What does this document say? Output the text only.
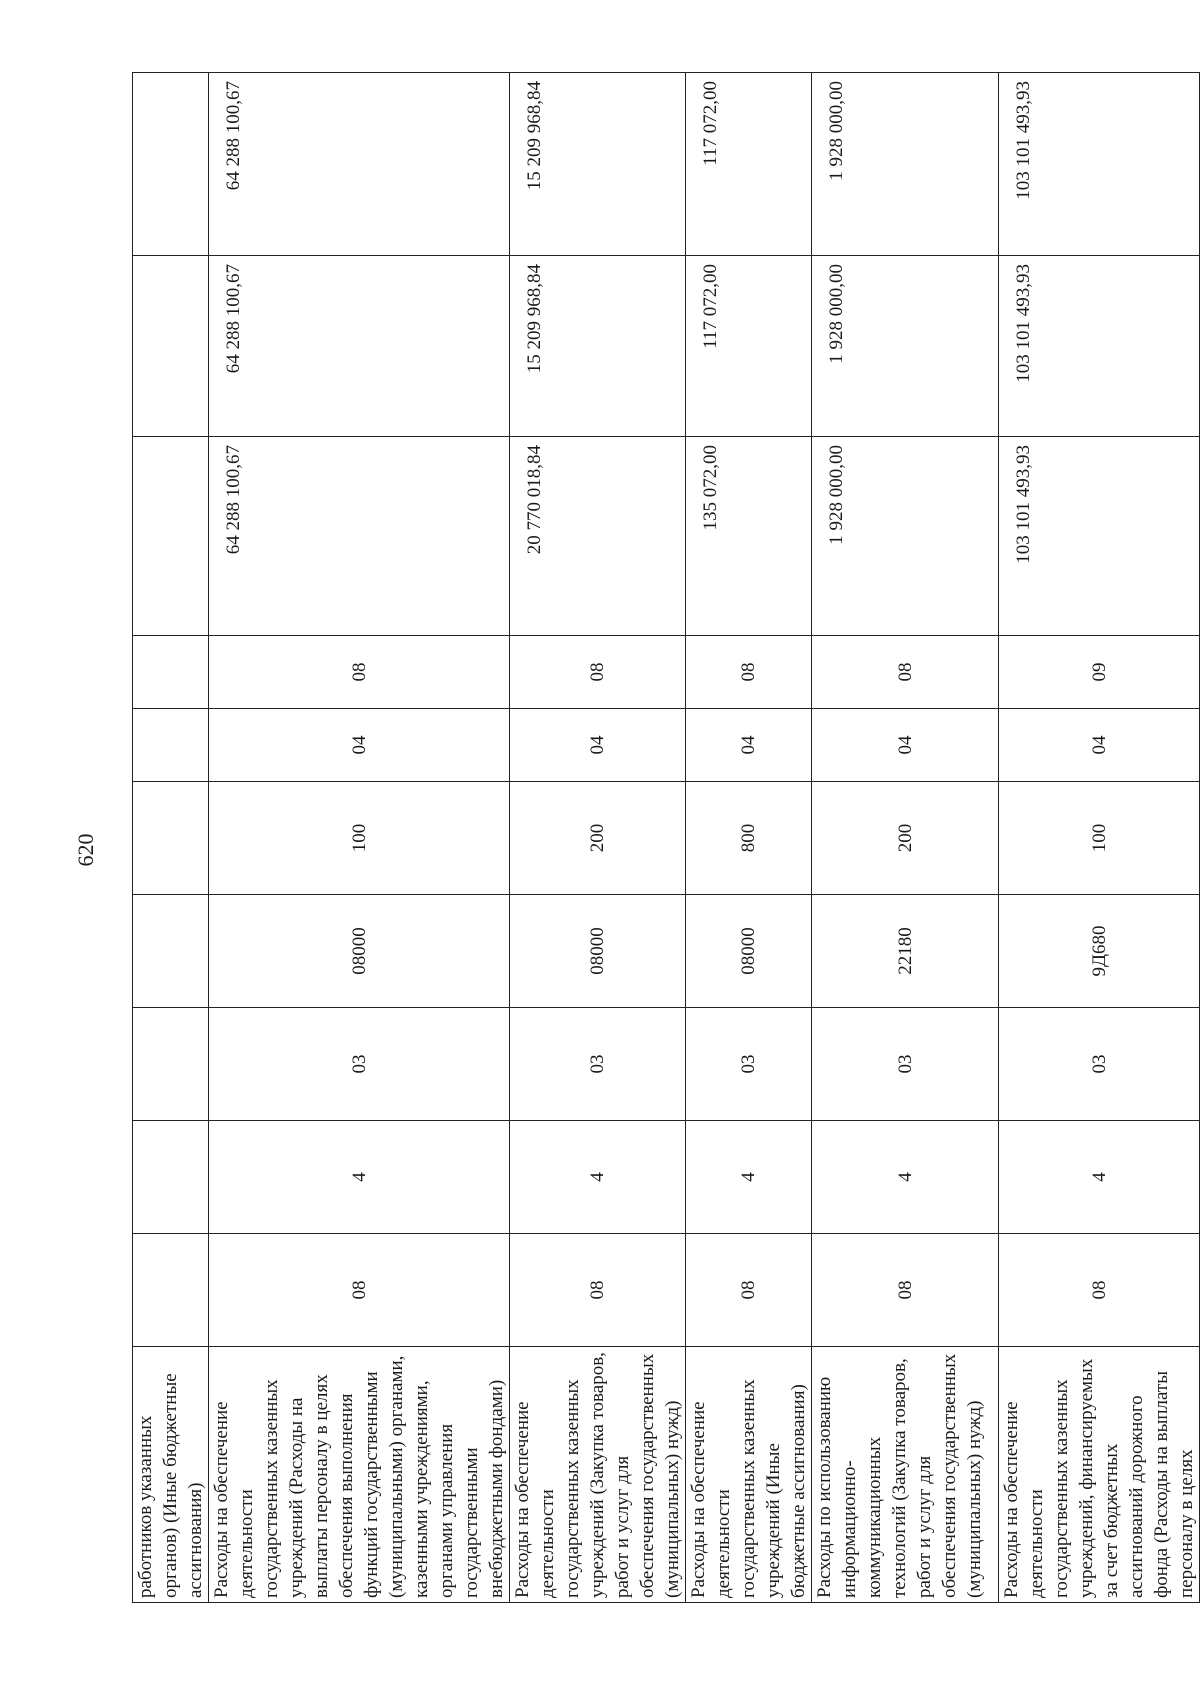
620
работников указанных органов) (Иные бюджетные ассигнования)										
Расходы на обеспечение деятельности государственных казенных учреждений (Расходы на выплаты персоналу в целях обеспечения выполнения функций государственными (муниципальными) органами, казенными учреждениями, органами управления государственными внебюджетными фондами)	08	4	03	08000	100	04	08	64 288 100,67	64 288 100,67	64 288 100,67
Расходы на обеспечение деятельности государственных казенных учреждений (Закупка товаров, работ и услуг для обеспечения государственных (муниципальных) нужд)	08	4	03	08000	200	04	08	20 770 018,84	15 209 968,84	15 209 968,84
Расходы на обеспечение деятельности государственных казенных учреждений (Иные бюджетные ассигнования)	08	4	03	08000	800	04	08	135 072,00	117 072,00	117 072,00
Расходы по использованию информационно-коммуникационных технологий (Закупка товаров, работ и услуг для обеспечения государственных (муниципальных) нужд)	08	4	03	22180	200	04	08	1 928 000,00	1 928 000,00	1 928 000,00
Расходы на обеспечение деятельности государственных казенных учреждений, финансируемых за счет бюджетных ассигнований дорожного фонда (Расходы на выплаты персоналу в целях	08	4	03	9Д680	100	04	09	103 101 493,93	103 101 493,93	103 101 493,93
